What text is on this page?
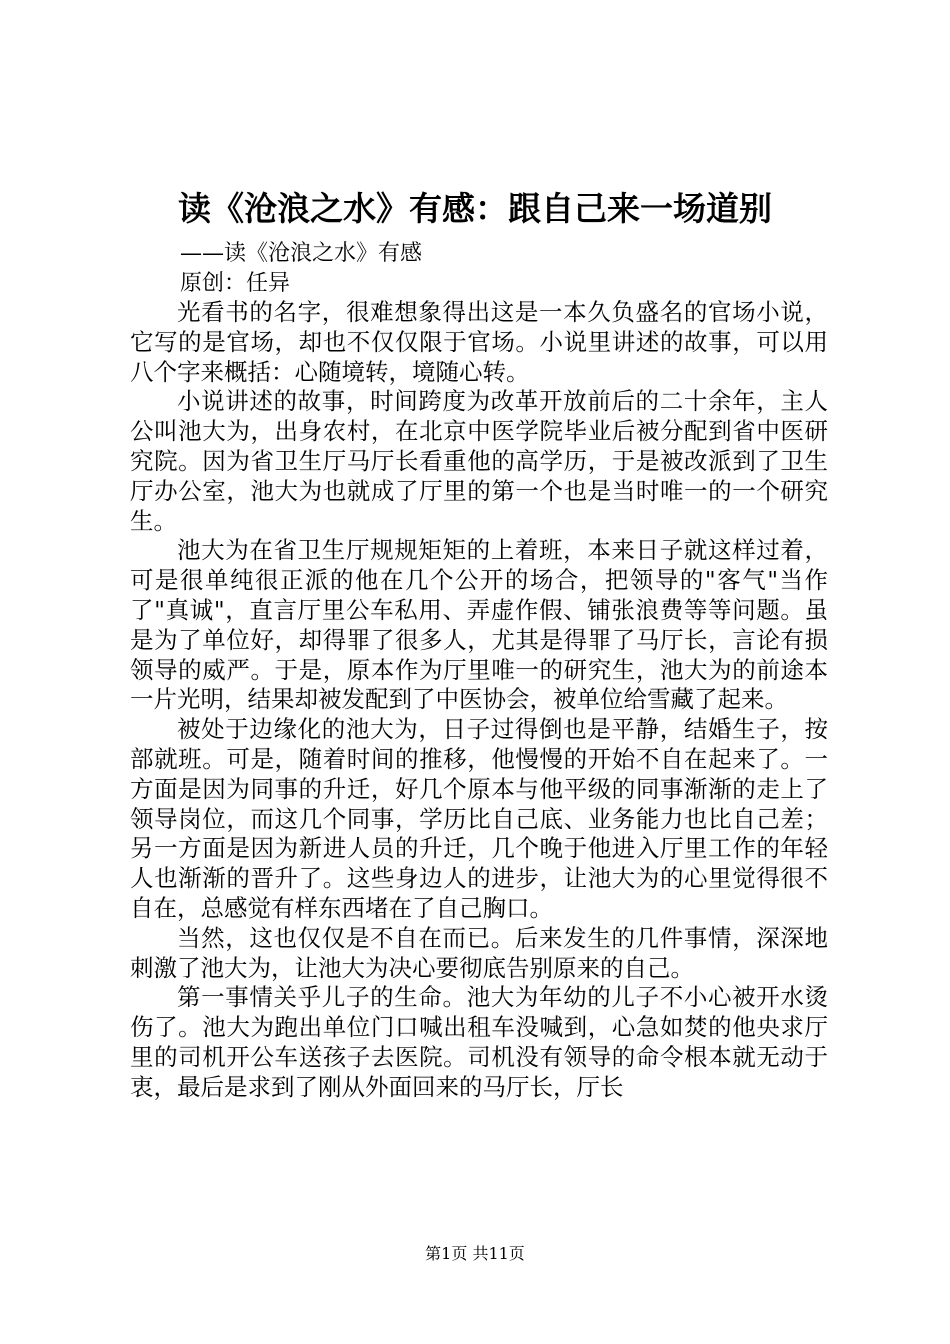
读《沧浪之水》有感：跟自己来一场道别
——读《沧浪之水》有感
原创：任异

光看书的名字，很难想象得出这是一本久负盛名的官场小说，它写的是官场，却也不仅仅限于官场。小说里讲述的故事，可以用八个字来概括：心随境转，境随心转。

小说讲述的故事，时间跨度为改革开放前后的二十余年，主人公叫池大为，出身农村，在北京中医学院毕业后被分配到省中医研究院。因为省卫生厅马厅长看重他的高学历，于是被改派到了卫生厅办公室，池大为也就成了厅里的第一个也是当时唯一的一个研究生。

池大为在省卫生厅规规矩矩的上着班，本来日子就这样过着，可是很单纯很正派的他在几个公开的场合，把领导的"客气"当作了"真诚"，直言厅里公车私用、弄虚作假、铺张浪费等等问题。虽是为了单位好，却得罪了很多人，尤其是得罪了马厅长，言论有损领导的威严。于是，原本作为厅里唯一的研究生，池大为的前途本一片光明，结果却被发配到了中医协会，被单位给雪藏了起来。

被处于边缘化的池大为，日子过得倒也是平静，结婚生子，按部就班。可是，随着时间的推移，他慢慢的开始不自在起来了。一方面是因为同事的升迁，好几个原本与他平级的同事渐渐的走上了领导岗位，而这几个同事，学历比自己底、业务能力也比自己差；另一方面是因为新进人员的升迁，几个晚于他进入厅里工作的年轻人也渐渐的晋升了。这些身边人的进步，让池大为的心里觉得很不自在，总感觉有样东西堵在了自己胸口。

当然，这也仅仅是不自在而已。后来发生的几件事情，深深地刺激了池大为，让池大为决心要彻底告别原来的自己。

第一事情关乎儿子的生命。池大为年幼的儿子不小心被开水烫伤了。池大为跑出单位门口喊出租车没喊到，心急如焚的他央求厅里的司机开公车送孩子去医院。司机没有领导的命令根本就无动于衷，最后是求到了刚从外面回来的马厅长，厅长

第1页 共11页
